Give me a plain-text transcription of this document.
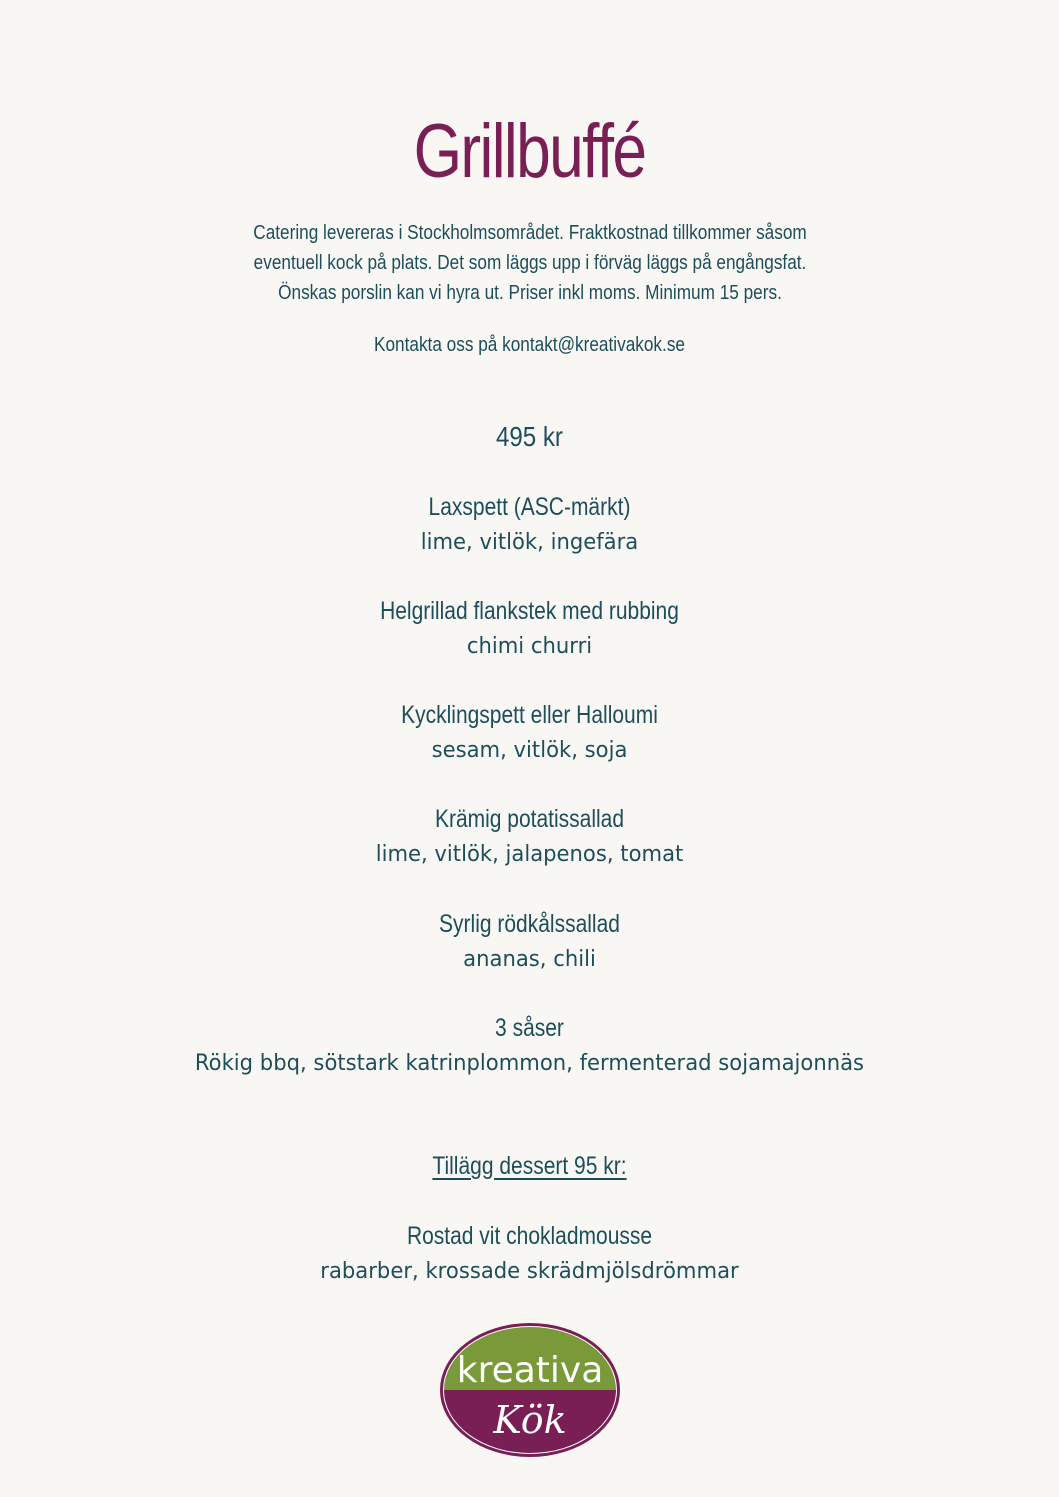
Grillbuffé

Catering levereras i Stockholmsområdet. Fraktkostnad tillkommer såsom eventuell kock på plats. Det som läggs upp i förväg läggs på engångsfat. Önskas porslin kan vi hyra ut. Priser inkl moms. Minimum 15 pers.

Kontakta oss på kontakt@kreativakok.se

495 kr

Laxspett (ASC-märkt)

lime, vitlök, ingefära

Helgrillad flankstek med rubbing

chimi churri

Kycklingspett eller Halloumi

sesam, vitlök, soja

Krämig potatissallad

lime, vitlök, jalapenos, tomat

Syrlig rödkålssallad

ananas, chili

3 såser

Rökig bbq, sötstark katrinplommon, fermenterad sojamajonnäs

Tillägg dessert 95 kr:

Rostad vit chokladmousse

rabarber, krossade skrädmjölsdrömmar

kreativa
Kök
